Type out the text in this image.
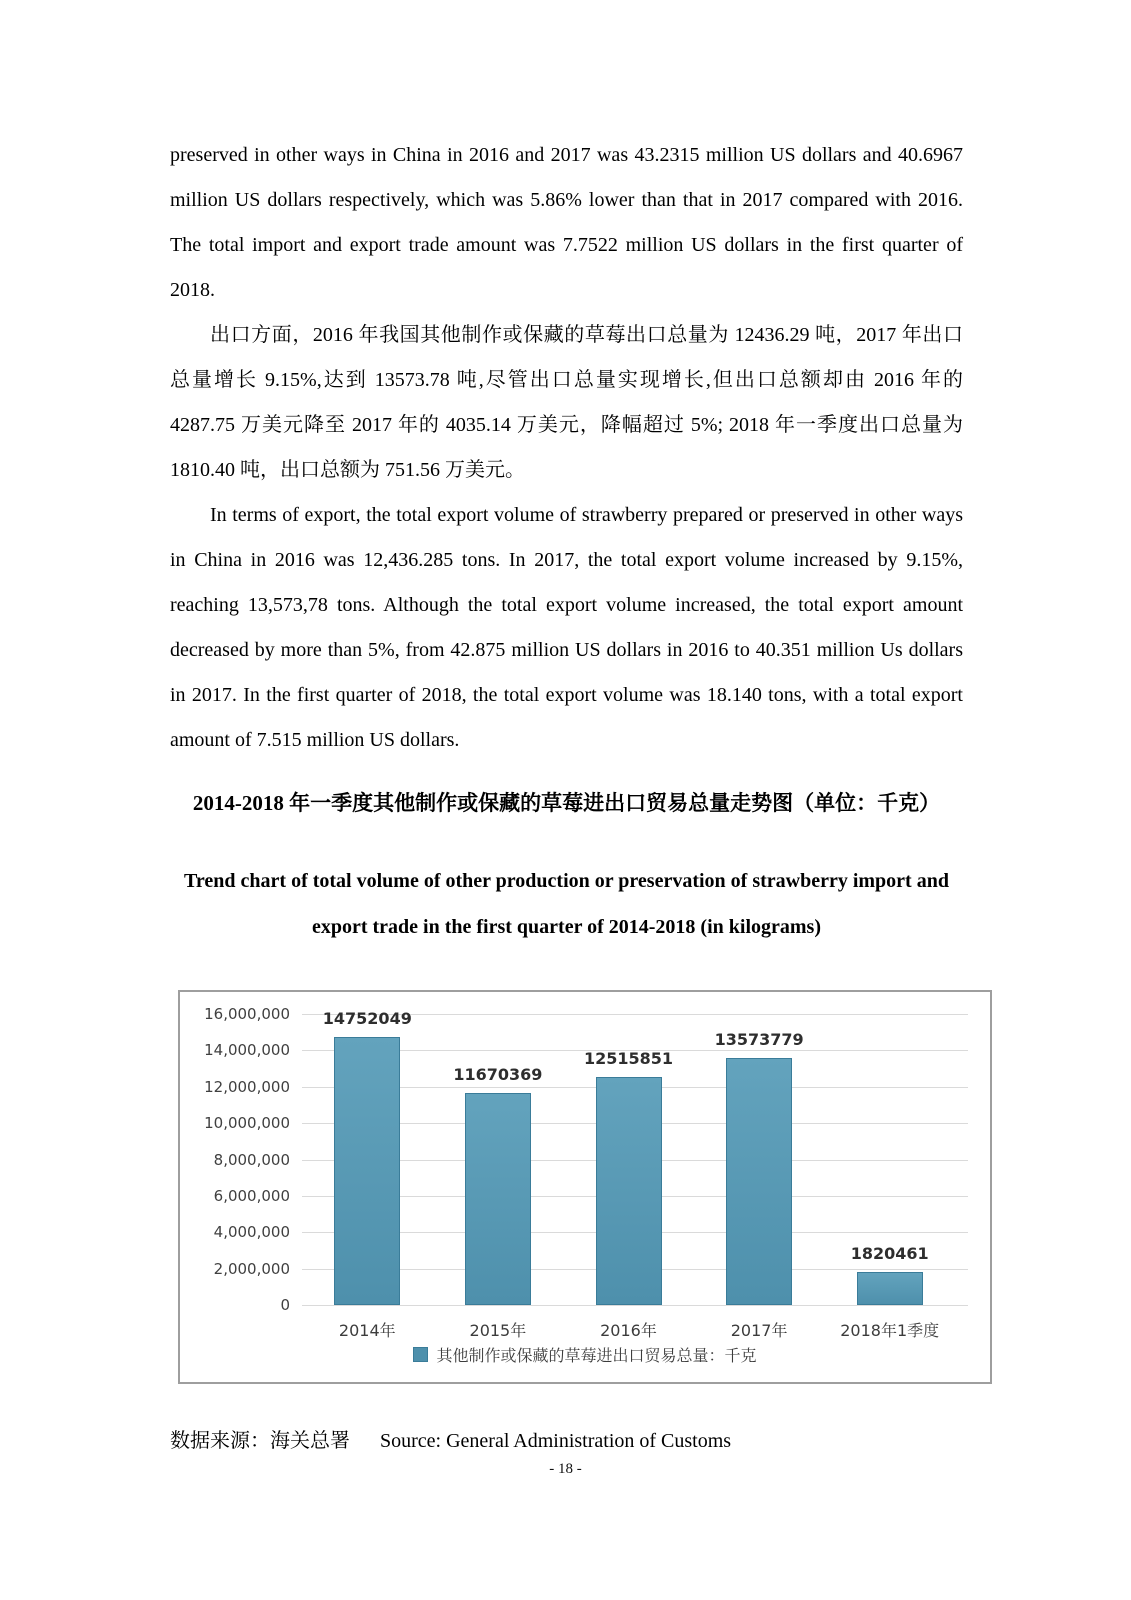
preserved in other ways in China in 2016 and 2017 was 43.2315 million US dollars and 40.6967 million US dollars respectively, which was 5.86% lower than that in 2017 compared with 2016. The total import and export trade amount was 7.7522 million US dollars in the first quarter of 2018.

出口方面，2016 年我国其他制作或保藏的草莓出口总量为 12436.29 吨，2017 年出口总量增长 9.15%,达到 13573.78 吨,尽管出口总量实现增长,但出口总额却由 2016 年的 4287.75 万美元降至 2017 年的 4035.14 万美元，降幅超过 5%; 2018 年一季度出口总量为 1810.40 吨，出口总额为 751.56 万美元。

In terms of export, the total export volume of strawberry prepared or preserved in other ways in China in 2016 was 12,436.285 tons. In 2017, the total export volume increased by 9.15%, reaching 13,573,78 tons. Although the total export volume increased, the total export amount decreased by more than 5%, from 42.875 million US dollars in 2016 to 40.351 million Us dollars in 2017. In the first quarter of 2018, the total export volume was 18.140 tons, with a total export amount of 7.515 million US dollars.

2014-2018 年一季度其他制作或保藏的草莓进出口贸易总量走势图（单位：千克）
Trend chart of total volume of other production or preservation of strawberry import and
export trade in the first quarter of 2014-2018 (in kilograms)
其他制作或保藏的草莓进出口贸易总量：千克
16,000,000
14,000,000
12,000,000
10,000,000
8,000,000
6,000,000
4,000,000
2,000,000
0
14752049
2014年
11670369
2015年
12515851
2016年
13573779
2017年
1820461
2018年1季度
数据来源：海关总署 Source: General Administration of Customs
- 18 -
